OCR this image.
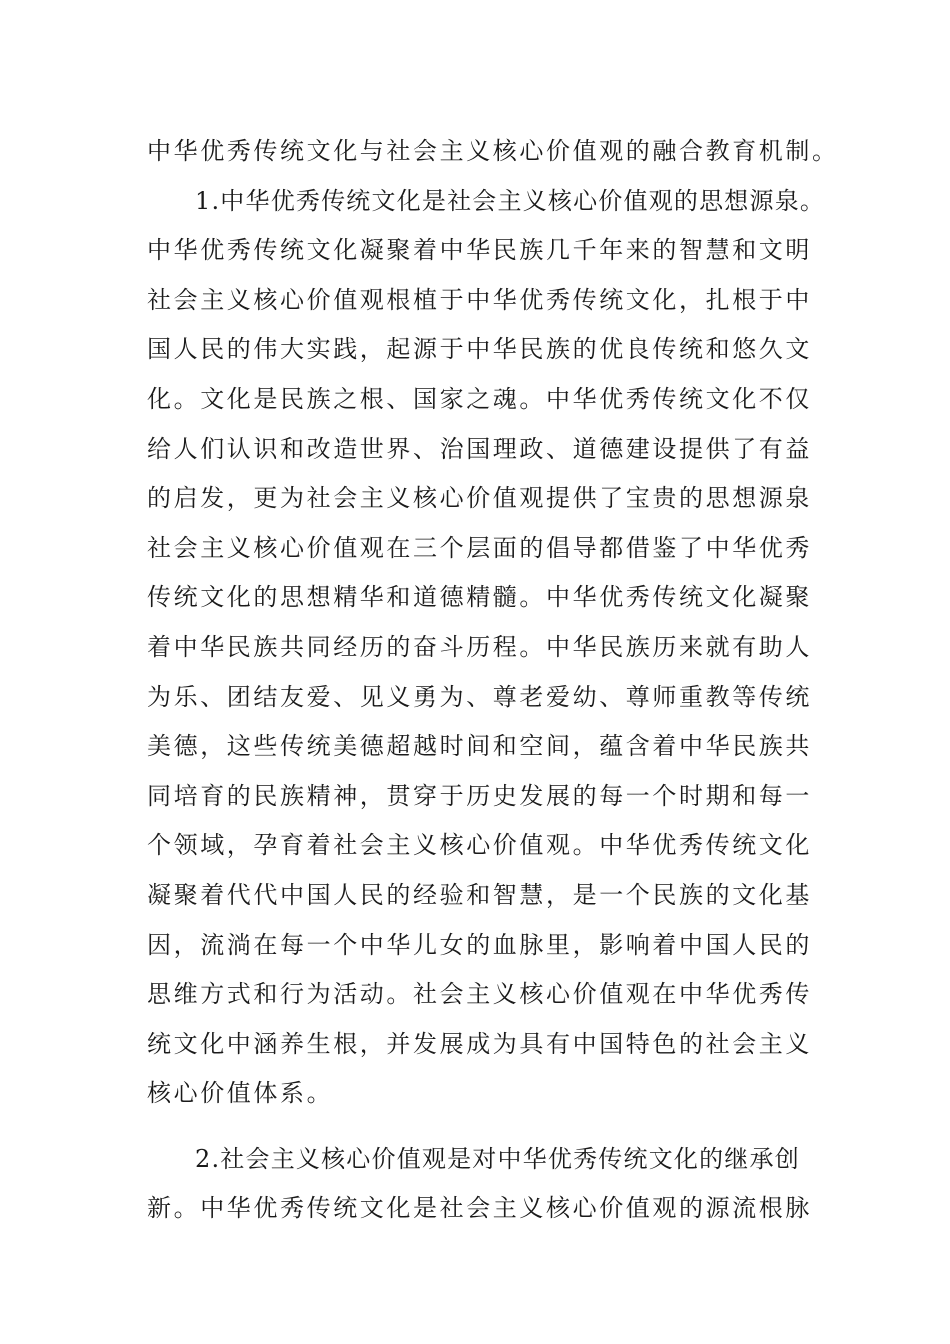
中华优秀传统文化与社会主义核心价值观的融合教育机制。
1.中华优秀传统文化是社会主义核心价值观的思想源泉。
中华优秀传统文化凝聚着中华民族几千年来的智慧和文明
社会主义核心价值观根植于中华优秀传统文化，扎根于中
国人民的伟大实践，起源于中华民族的优良传统和悠久文
化。文化是民族之根、国家之魂。中华优秀传统文化不仅
给人们认识和改造世界、治国理政、道德建设提供了有益
的启发，更为社会主义核心价值观提供了宝贵的思想源泉
社会主义核心价值观在三个层面的倡导都借鉴了中华优秀
传统文化的思想精华和道德精髓。中华优秀传统文化凝聚
着中华民族共同经历的奋斗历程。中华民族历来就有助人
为乐、团结友爱、见义勇为、尊老爱幼、尊师重教等传统
美德，这些传统美德超越时间和空间，蕴含着中华民族共
同培育的民族精神，贯穿于历史发展的每一个时期和每一
个领域，孕育着社会主义核心价值观。中华优秀传统文化
凝聚着代代中国人民的经验和智慧，是一个民族的文化基
因，流淌在每一个中华儿女的血脉里，影响着中国人民的
思维方式和行为活动。社会主义核心价值观在中华优秀传
统文化中涵养生根，并发展成为具有中国特色的社会主义
核心价值体系。
2.社会主义核心价值观是对中华优秀传统文化的继承创
新。中华优秀传统文化是社会主义核心价值观的源流根脉
